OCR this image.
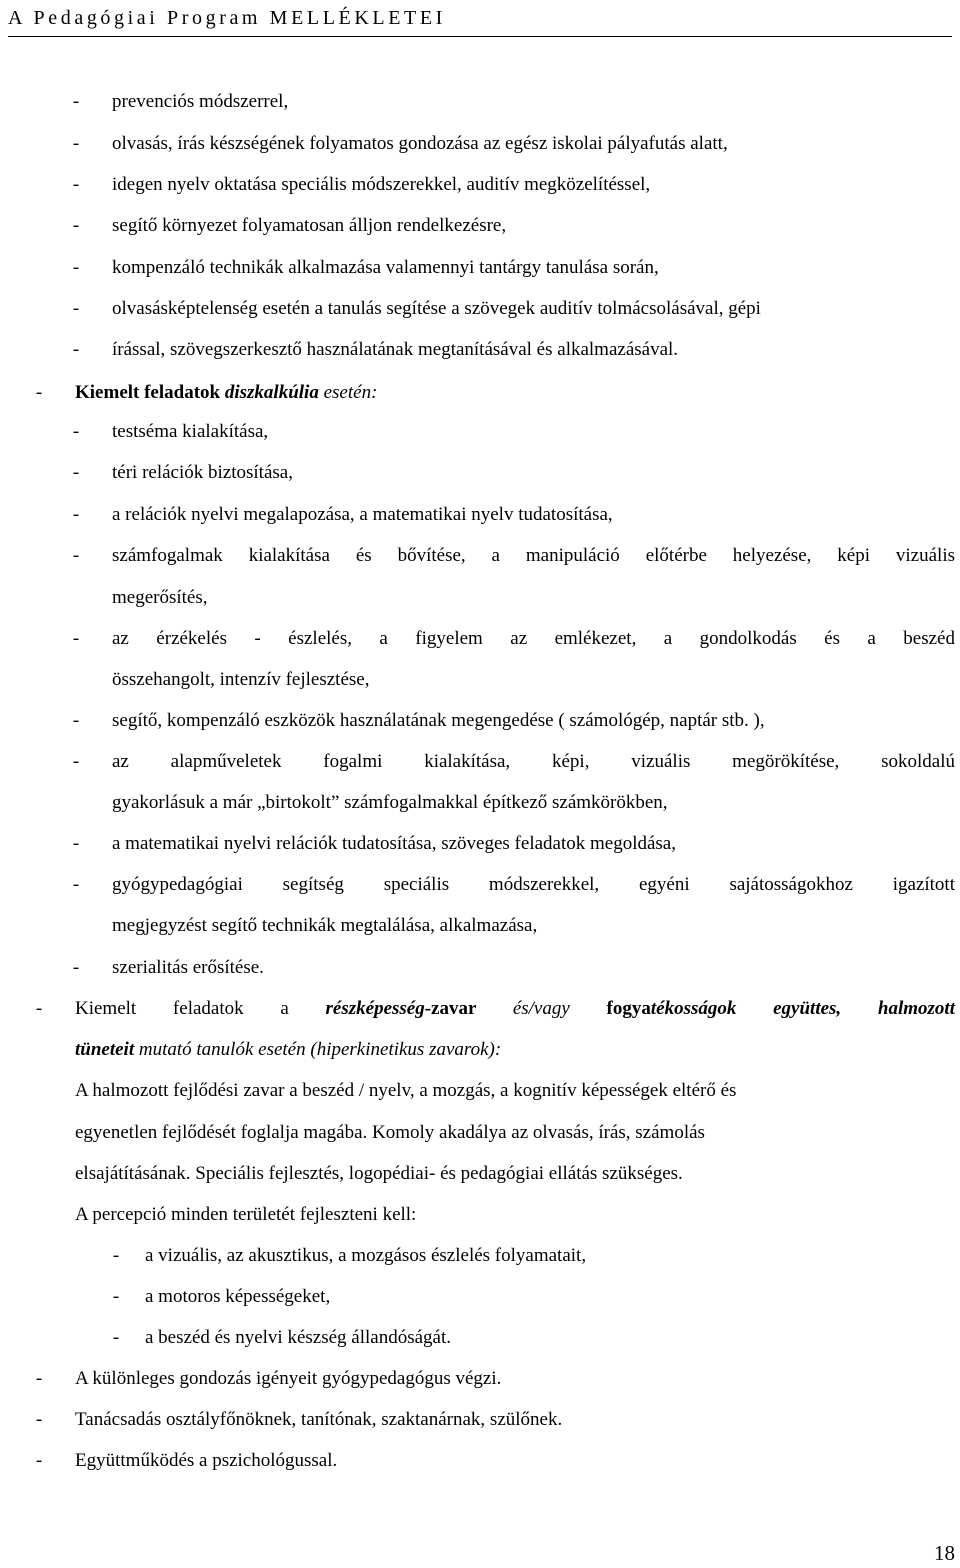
A Pedagógiai Program MELLÉKLETEI
-	prevenciós módszerrel,
-	olvasás, írás készségének folyamatos gondozása az egész iskolai pályafutás alatt,
-	idegen nyelv oktatása speciális módszerekkel, auditív megközelítéssel,
-	segítő környezet folyamatosan álljon rendelkezésre,
-	kompenzáló technikák alkalmazása valamennyi tantárgy tanulása során,
-	olvasásképtelenség esetén a tanulás segítése a szövegek auditív tolmácsolásával, gépi
-	írással, szövegszerkesztő használatának megtanításával és alkalmazásával.
-	Kiemelt feladatok diszkalkúlia esetén:
-	testséma kialakítása,
-	téri relációk biztosítása,
-	a relációk nyelvi megalapozása, a matematikai nyelv tudatosítása,
-	számfogalmak kialakítása és bővítése, a manipuláció előtérbe helyezése, képi vizuális
megerősítés,
-	az érzékelés - észlelés, a figyelem az emlékezet, a gondolkodás és a beszéd
összehangolt, intenzív fejlesztése,
-	segítő, kompenzáló eszközök használatának megengedése ( számológép, naptár stb. ),
-	az alapműveletek fogalmi kialakítása, képi, vizuális megörökítése, sokoldalú
gyakorlásuk a már „birtokolt” számfogalmakkal építkező számkörökben,
-	a matematikai nyelvi relációk tudatosítása, szöveges feladatok megoldása,
-	gyógypedagógiai segítség speciális módszerekkel, egyéni sajátosságokhoz igazított
megjegyzést segítő technikák megtalálása, alkalmazása,
-	szerialitás erősítése.
-	Kiemelt feladatok a részképesség-zavar és/vagy fogyatékosságok együttes, halmozott
tüneteit mutató tanulók esetén (hiperkinetikus zavarok):
A halmozott fejlődési zavar a beszéd / nyelv, a mozgás, a kognitív képességek eltérő és
egyenetlen fejlődését foglalja magába. Komoly akadálya az olvasás, írás, számolás
elsajátításának. Speciális fejlesztés, logopédiai- és pedagógiai ellátás szükséges.
A percepció minden területét fejleszteni kell:
-	a vizuális, az akusztikus, a mozgásos észlelés folyamatait,
-	a motoros képességeket,
-	a beszéd és nyelvi készség állandóságát.
-	A különleges gondozás igényeit gyógypedagógus végzi.
-	Tanácsadás osztályfőnöknek, tanítónak, szaktanárnak, szülőnek.
-	Együttműködés a pszichológussal.
18
